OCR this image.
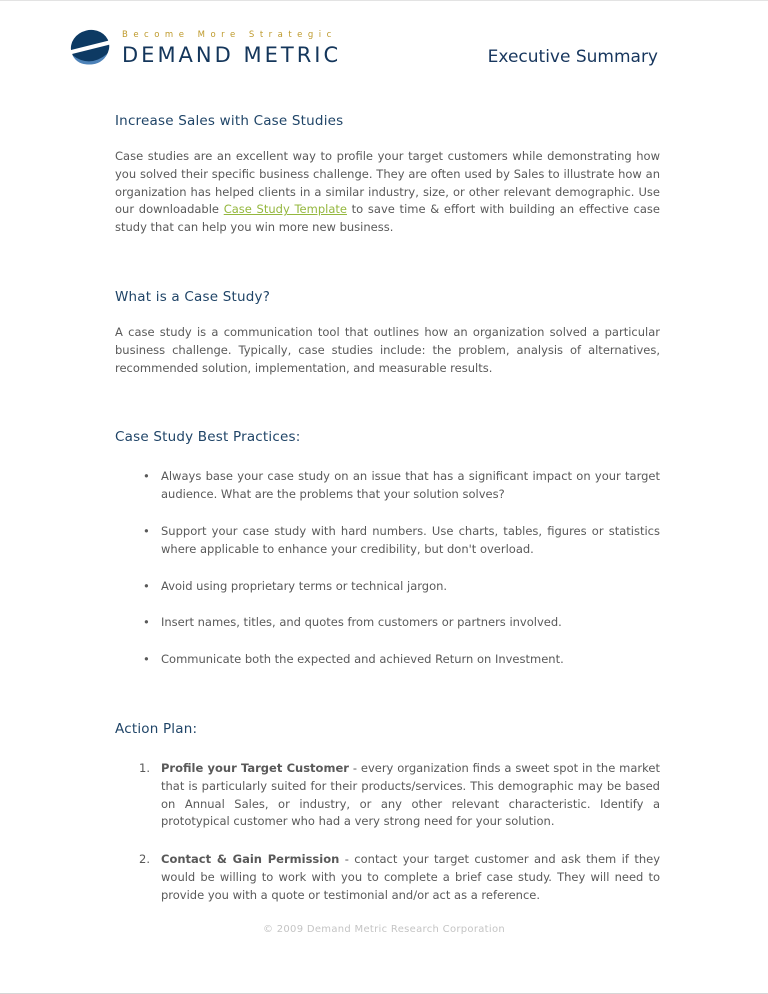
Become More Strategic
DEMAND METRIC	Executive Summary
Increase Sales with Case Studies

Case studies are an excellent way to profile your target customers while demonstrating how you solved their specific business challenge. They are often used by Sales to illustrate how an organization has helped clients in a similar industry, size, or other relevant demographic. Use our downloadable Case Study Template to save time & effort with building an effective case study that can help you win more new business.

What is a Case Study?

A case study is a communication tool that outlines how an organization solved a particular business challenge. Typically, case studies include: the problem, analysis of alternatives, recommended solution, implementation, and measurable results.

Case Study Best Practices:
•
Always base your case study on an issue that has a significant impact on your target audience. What are the problems that your solution solves?
•
Support your case study with hard numbers. Use charts, tables, figures or statistics where applicable to enhance your credibility, but don't overload.
•
Avoid using proprietary terms or technical jargon.
•
Insert names, titles, and quotes from customers or partners involved.
•
Communicate both the expected and achieved Return on Investment.
Action Plan:
1. Profile your Target Customer - every organization finds a sweet spot in the market that is particularly suited for their products/services. This demographic may be based on Annual Sales, or industry, or any other relevant characteristic. Identify a prototypical customer who had a very strong need for your solution.

2. Contact & Gain Permission - contact your target customer and ask them if they would be willing to work with you to complete a brief case study. They will need to provide you with a quote or testimonial and/or act as a reference.

© 2009 Demand Metric Research Corporation
